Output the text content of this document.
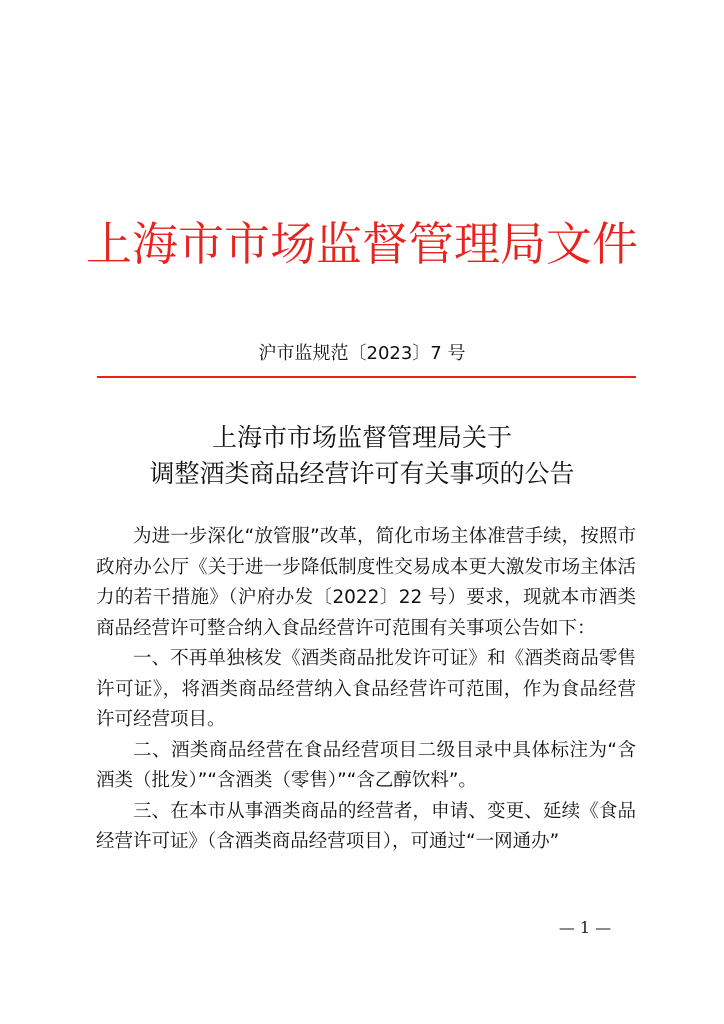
上海市市场监督管理局文件
沪市监规范〔2023〕7 号
上海市市场监督管理局关于
调整酒类商品经营许可有关事项的公告

为进一步深化“放管服”改革，简化市场主体准营手续，按照市政府办公厅《关于进一步降低制度性交易成本更大激发市场主体活力的若干措施》（沪府办发〔2022〕22 号）要求，现就本市酒类商品经营许可整合纳入食品经营许可范围有关事项公告如下：

一、不再单独核发《酒类商品批发许可证》和《酒类商品零售许可证》，将酒类商品经营纳入食品经营许可范围，作为食品经营许可经营项目。

二、酒类商品经营在食品经营项目二级目录中具体标注为“含酒类（批发）”“含酒类（零售）”“含乙醇饮料”。

三、在本市从事酒类商品的经营者，申请、变更、延续《食品经营许可证》（含酒类商品经营项目），可通过“一网通办”

— 1 —
